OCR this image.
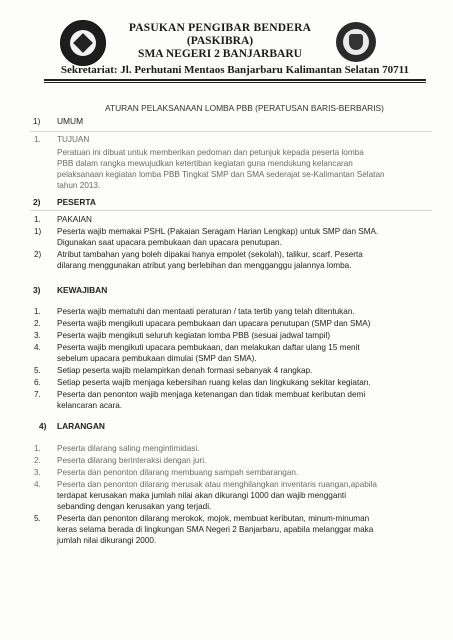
PASUKAN PENGIBAR BENDERA
(PASKIBRA)
SMA NEGERI 2 BANJARBARU
Sekretariat: Jl. Perhutani Mentaos Banjarbaru Kalimantan Selatan 70711
ATURAN PELAKSANAAN LOMBA PBB (PERATUSAN BARIS-BERBARIS)
1) UMUM
1. TUJUAN
Peratuan ini dibuat untuk memberikan pedoman dan petunjuk kepada peserta lomba
PBB dalam rangka mewujudkan ketertiban kegiatan guna mendukung kelancaran
pelaksanaan kegiatan lomba PBB Tingkat SMP dan SMA sederajat se-Kalimantan Selatan
tahun 2013.
2) PESERTA
1. PAKAIAN
1) Peserta wajib memakai PSHL (Pakaian Seragam Harian Lengkap) untuk SMP dan SMA.
Digunakan saat upacara pembukaan dan upacara penutupan.
2) Atribut tambahan yang boleh dipakai hanya empolet (sekolah), talikur, scarf. Peserta
dilarang menggunakan atribut yang berlebihan dan mengganggu jalannya lomba.
3) KEWAJIBAN
1. Peserta wajib mematuhi dan mentaati peraturan / tata tertib yang telah ditentukan.
2. Peserta wajib mengikuti upacara pembukaan dan upacara penutupan (SMP dan SMA)
3. Peserta wajib mengikuti seluruh kegiatan lomba PBB (sesuai jadwal tampil)
4. Peserta wajib mengikuti upacara pembukaan, dan melakukan daftar ulang 15 menit
sebelum upacara pembukaan dimulai (SMP dan SMA).
5. Setiap peserta wajib melampirkan denah formasi sebanyak 4 rangkap.
6. Setiap peserta wajib menjaga kebersihan ruang kelas dan lingkukang sekitar kegiatan.
7. Peserta dan penonton wajib menjaga ketenangan dan tidak membuat keributan demi
kelancaran acara.
4) LARANGAN
1. Peserta dilarang saling mengintimidasi.
2. Peserta dilarang berinteraksi dengan juri.
3. Peserta dan penonton dilarang membuang sampah sembarangan.
4. Peserta dan penonton dilarang merusak atau menghilangkan inventaris ruangan,apabila
terdapat kerusakan maka jumlah nilai akan dikurangi 1000 dan wajib mengganti
sebanding dengan kerusakan yang terjadi.
5. Peserta dan penonton dilarang merokok, mojok, membuat keributan, minum-minuman
keras selama berada di lingkungan SMA Negeri 2 Banjarbaru, apabila melanggar maka
jumlah nilai dikurangi 2000.
